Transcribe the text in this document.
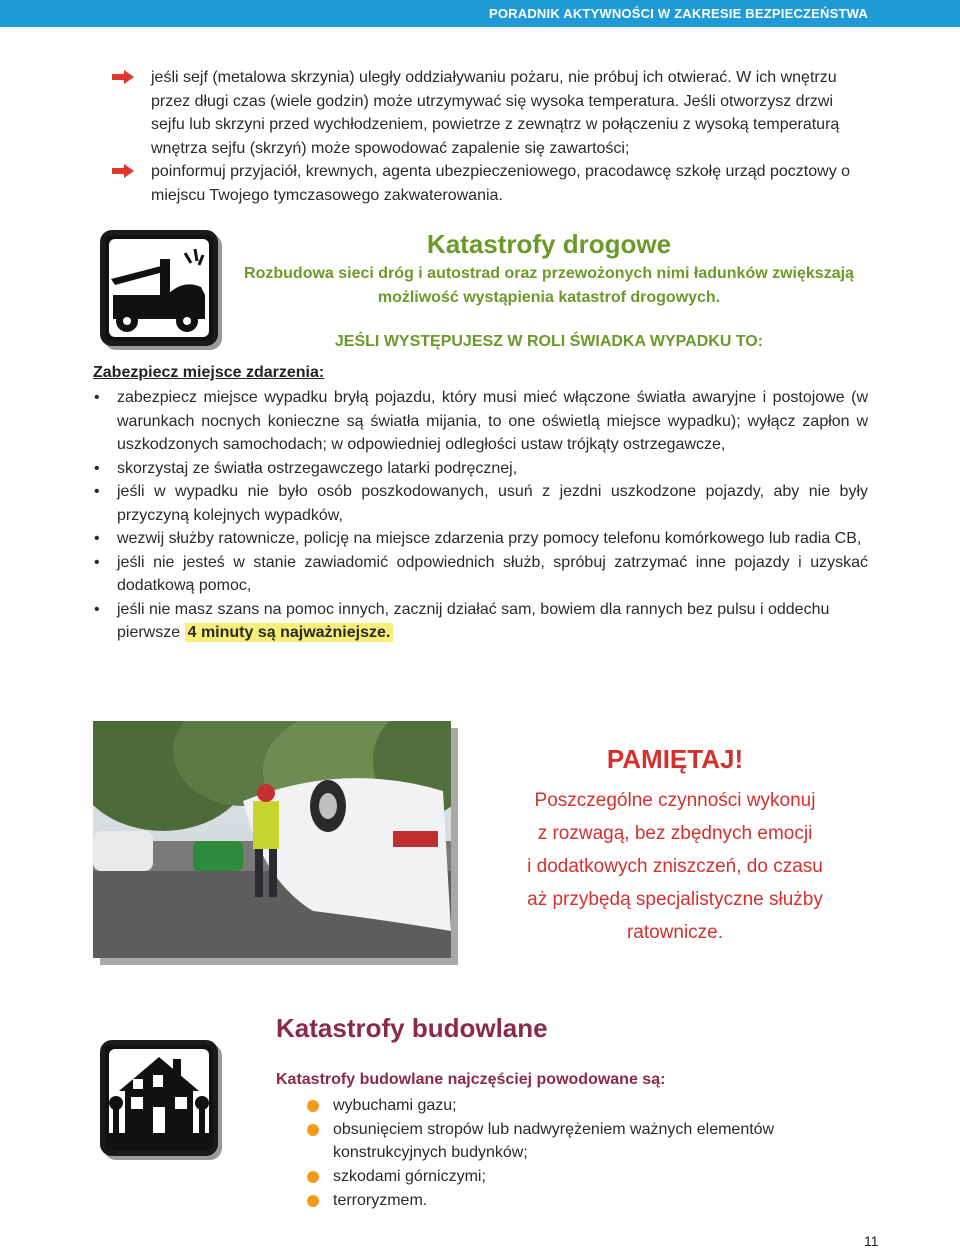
PORADNIK AKTYWNOŚCI W ZAKRESIE BEZPIECZEŃSTWA
jeśli sejf (metalowa skrzynia) uległy oddziaływaniu pożaru, nie próbuj ich otwierać. W ich wnętrzu przez długi czas (wiele godzin) może utrzymywać się wysoka temperatura. Jeśli otworzysz drzwi sejfu lub skrzyni przed wychłodzeniem, powietrze z zewnątrz w połączeniu z wysoką temperaturą wnętrza sejfu (skrzyń) może spowodować zapalenie się zawartości;
poinformuj przyjaciół, krewnych, agenta ubezpieczeniowego, pracodawcę szkołę urząd pocztowy o miejscu Twojego tymczasowego zakwaterowania.
Katastrofy drogowe
Rozbudowa sieci dróg i autostrad oraz przewożonych nimi ładunków zwiększają możliwość wystąpienia katastrof drogowych.
JEŚLI WYSTĘPUJESZ W ROLI ŚWIADKA WYPADKU TO:
Zabezpiecz miejsce zdarzenia:
• zabezpiecz miejsce wypadku bryłą pojazdu, który musi mieć włączone światła awaryjne i postojowe (w warunkach nocnych konieczne są światła mijania, to one oświetlą miejsce wypadku); wyłącz zapłon w uszkodzonych samochodach; w odpowiedniej odległości ustaw trójkąty ostrzegawcze,
• skorzystaj ze światła ostrzegawczego latarki podręcznej,
• jeśli w wypadku nie było osób poszkodowanych, usuń z jezdni uszkodzone pojazdy, aby nie były przyczyną kolejnych wypadków,
• wezwij służby ratownicze, policję na miejsce zdarzenia przy pomocy telefonu komórkowego lub radia CB,
• jeśli nie jesteś w stanie zawiadomić odpowiednich służb, spróbuj zatrzymać inne pojazdy i uzyskać dodatkową pomoc,
• jeśli nie masz szans na pomoc innych, zacznij działać sam, bowiem dla rannych bez pulsu i oddechu pierwsze 4 minuty są najważniejsze.
PAMIĘTAJ!
Poszczególne czynności wykonuj
z rozwagą, bez zbędnych emocji
i dodatkowych zniszczeń, do czasu
aż przybędą specjalistyczne służby
ratownicze.
Katastrofy budowlane
Katastrofy budowlane najczęściej powodowane są:
wybuchami gazu;
obsunięciem stropów lub nadwyrężeniem ważnych elementów konstrukcyjnych budynków;
szkodami górniczymi;
terroryzmem.
11
